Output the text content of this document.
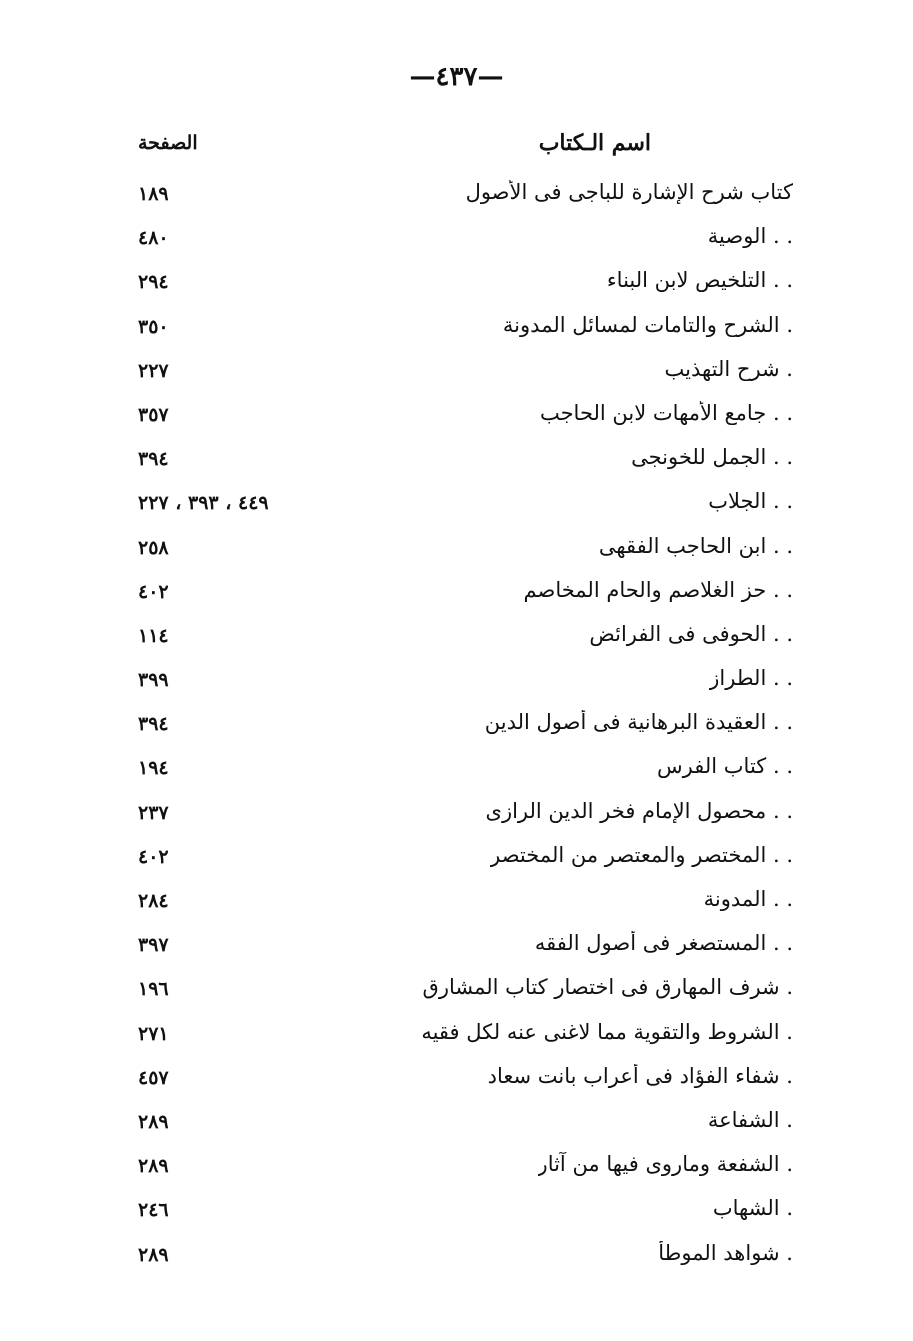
—٤٣٧—
اسم الـكتاب
الصفحة
كتاب شرح الإشارة للباجى فى الأصول
١٨٩
. . الوصية
٤٨٠
. . التلخيص لابن البناء
٢٩٤
. الشرح والتامات لمسائل المدونة
٣٥٠
. شرح التهذيب
٢٢٧
. . جامع الأمهات لابن الحاجب
٣٥٧
. . الجمل للخونجى
٣٩٤
. . الجلاب
٤٤٩ ، ٣٩٣ ، ٢٢٧
. . ابن الحاجب الفقهى
٢٥٨
. . حز الغلاصم والحام المخاصم
٤٠٢
. . الحوفى فى الفرائض
١١٤
. . الطراز
٣٩٩
. . العقيدة البرهانية فى أصول الدين
٣٩٤
. . كتاب الفرس
١٩٤
. . محصول الإمام فخر الدين الرازى
٢٣٧
. . المختصر والمعتصر من المختصر
٤٠٢
. . المدونة
٢٨٤
. . المستصغر فى أصول الفقه
٣٩٧
. شرف المهارق فى اختصار كتاب المشارق
١٩٦
. الشروط والتقوية مما لاغنى عنه لكل فقيه
٢٧١
. شفاء الفؤاد فى أعراب بانت سعاد
٤٥٧
. الشفاعة
٢٨٩
. الشفعة وماروى فيها من آثار
٢٨٩
. الشهاب
٢٤٦
. شواهد الموطأ
٢٨٩
